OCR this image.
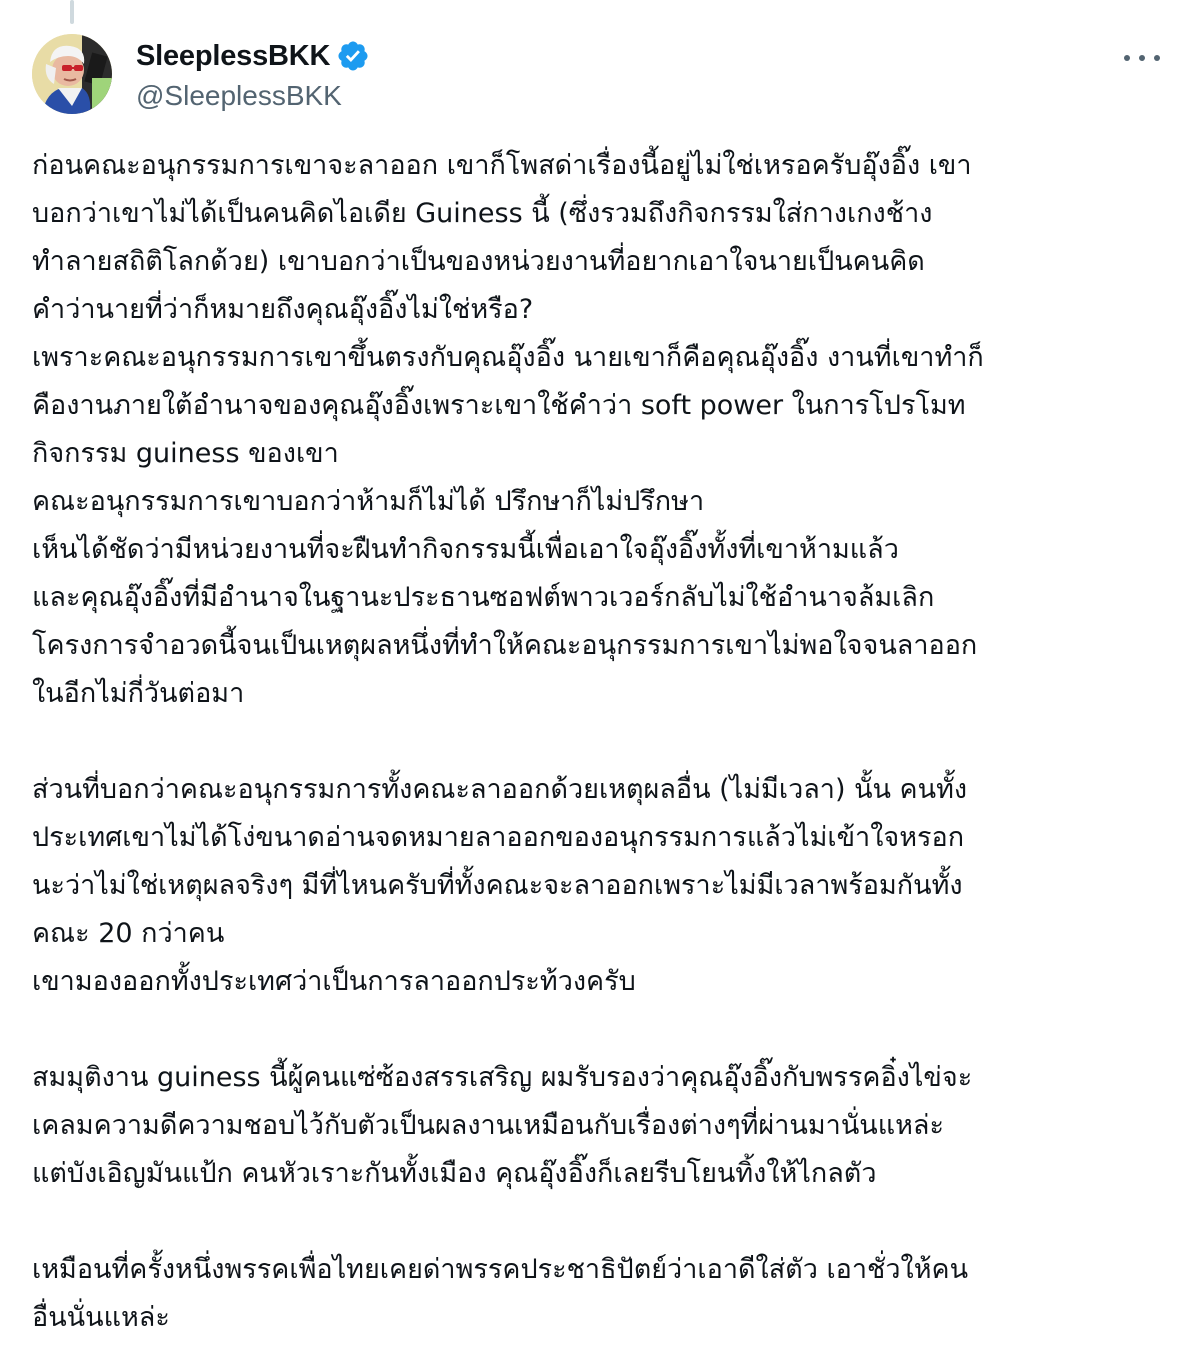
SleeplessBKK
@SleeplessBKK

ก่อนคณะอนุกรรมการเขาจะลาออก เขาก็โพสด่าเรื่องนี้อยู่ไม่ใช่เหรอครับอุ๊งอิ๊ง เขา

บอกว่าเขาไม่ได้เป็นคนคิดไอเดีย Guiness นี้ (ซึ่งรวมถึงกิจกรรมใส่กางเกงช้าง

ทำลายสถิติโลกด้วย) เขาบอกว่าเป็นของหน่วยงานที่อยากเอาใจนายเป็นคนคิด

คำว่านายที่ว่าก็หมายถึงคุณอุ๊งอิ๊งไม่ใช่หรือ?

เพราะคณะอนุกรรมการเขาขึ้นตรงกับคุณอุ๊งอิ๊ง นายเขาก็คือคุณอุ๊งอิ๊ง งานที่เขาทำก็

คืองานภายใต้อำนาจของคุณอุ๊งอิ๊งเพราะเขาใช้คำว่า soft power ในการโปรโมท

กิจกรรม guiness ของเขา

คณะอนุกรรมการเขาบอกว่าห้ามก็ไม่ได้ ปรึกษาก็ไม่ปรึกษา

เห็นได้ชัดว่ามีหน่วยงานที่จะฝืนทำกิจกรรมนี้เพื่อเอาใจอุ๊งอิ๊งทั้งที่เขาห้ามแล้ว

และคุณอุ๊งอิ๊งที่มีอำนาจในฐานะประธานซอฟต์พาวเวอร์กลับไม่ใช้อำนาจล้มเลิก

โครงการจำอวดนี้จนเป็นเหตุผลหนึ่งที่ทำให้คณะอนุกรรมการเขาไม่พอใจจนลาออก

ในอีกไม่กี่วันต่อมา

ส่วนที่บอกว่าคณะอนุกรรมการทั้งคณะลาออกด้วยเหตุผลอื่น (ไม่มีเวลา) นั้น คนทั้ง

ประเทศเขาไม่ได้โง่ขนาดอ่านจดหมายลาออกของอนุกรรมการแล้วไม่เข้าใจหรอก

นะว่าไม่ใช่เหตุผลจริงๆ มีที่ไหนครับที่ทั้งคณะจะลาออกเพราะไม่มีเวลาพร้อมกันทั้ง

คณะ 20 กว่าคน

เขามองออกทั้งประเทศว่าเป็นการลาออกประท้วงครับ

สมมุติงาน guiness นี้ผู้คนแซ่ซ้องสรรเสริญ ผมรับรองว่าคุณอุ๊งอิ๊งกับพรรคอิ๋งไข่จะ

เคลมความดีความชอบไว้กับตัวเป็นผลงานเหมือนกับเรื่องต่างๆที่ผ่านมานั่นแหล่ะ

แต่บังเอิญมันแป้ก คนหัวเราะกันทั้งเมือง คุณอุ๊งอิ๊งก็เลยรีบโยนทิ้งให้ไกลตัว

เหมือนที่ครั้งหนึ่งพรรคเพื่อไทยเคยด่าพรรคประชาธิปัตย์ว่าเอาดีใส่ตัว เอาชั่วให้คน

อื่นนั่นแหล่ะ
